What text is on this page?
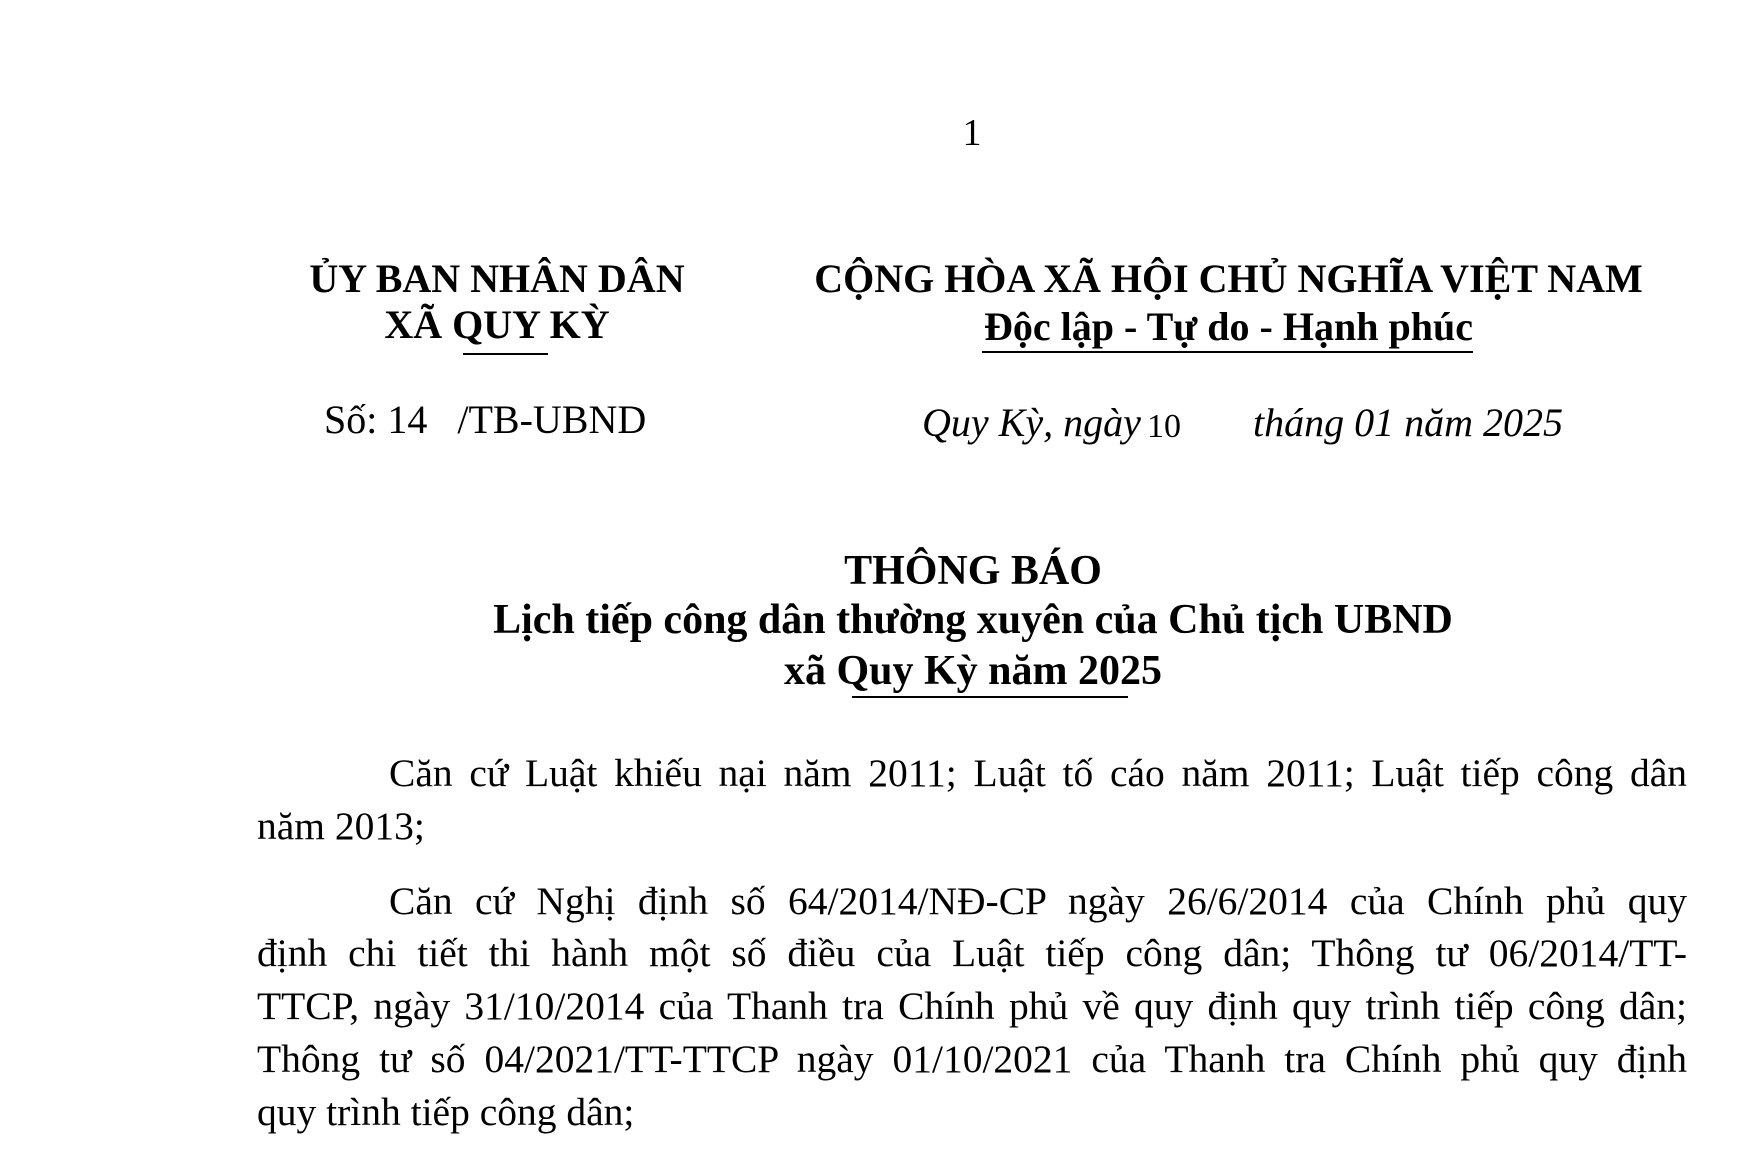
1
ỦY BAN NHÂN DÂN
XÃ QUY KỲ
CỘNG HÒA XÃ HỘI CHỦ NGHĨA VIỆT NAM
Độc lập - Tự do - Hạnh phúc
Số: 14   /TB-UBND	Quy Kỳ, ngày 10 tháng 01 năm 2025
THÔNG BÁO
Lịch tiếp công dân thường xuyên của Chủ tịch UBND
xã Quy Kỳ năm 2025
Căn cứ Luật khiếu nại năm 2011; Luật tố cáo năm 2011; Luật tiếp công dân
năm 2013;
Căn cứ Nghị định số 64/2014/NĐ-CP ngày 26/6/2014 của Chính phủ quy
định chi tiết thi hành một số điều của Luật tiếp công dân; Thông tư 06/2014/TT-
TTCP, ngày 31/10/2014 của Thanh tra Chính phủ về quy định quy trình tiếp công dân;
Thông tư số 04/2021/TT-TTCP ngày 01/10/2021 của Thanh tra Chính phủ quy định
quy trình tiếp công dân;
